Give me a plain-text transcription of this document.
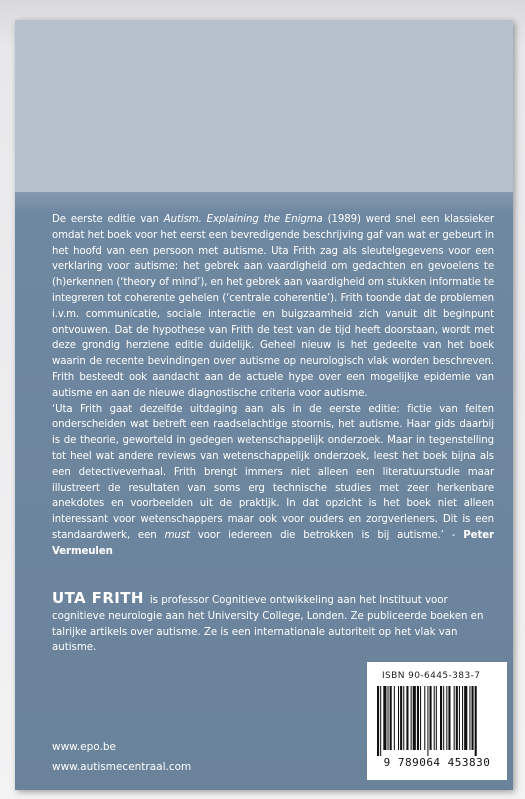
De eerste editie van Autism. Explaining the Enigma (1989) werd snel een klassieker omdat het boek voor het eerst een bevredigende beschrijving gaf van wat er gebeurt in het hoofd van een persoon met autisme. Uta Frith zag als sleutelgegevens voor een verklaring voor autisme: het gebrek aan vaardigheid om gedachten en gevoelens te (h)erkennen (‘theory of mind’), en het gebrek aan vaardigheid om stukken informatie te integreren tot coherente gehelen (‘centrale coherentie’). Frith toonde dat de problemen i.v.m. communicatie, sociale interactie en buigzaamheid zich vanuit dit beginpunt ontvouwen. Dat de hypothese van Frith de test van de tijd heeft doorstaan, wordt met deze grondig herziene editie duidelijk. Geheel nieuw is het gedeelte van het boek waarin de recente bevindingen over autisme op neurologisch vlak worden beschreven. Frith besteedt ook aandacht aan de actuele hype over een mogelijke epidemie van autisme en aan de nieuwe diagnostische criteria voor autisme.

‘Uta Frith gaat dezelfde uitdaging aan als in de eerste editie: fictie van feiten onderscheiden wat betreft een raadselachtige stoornis, het autisme. Haar gids daarbij is de theorie, geworteld in gedegen wetenschappelijk onderzoek. Maar in tegenstelling tot heel wat andere reviews van wetenschappelijk onderzoek, leest het boek bijna als een detectiveverhaal. Frith brengt immers niet alleen een literatuurstudie maar illustreert de resultaten van soms erg technische studies met zeer herkenbare anekdotes en voorbeelden uit de praktijk. In dat opzicht is het boek niet alleen interessant voor wetenschappers maar ook voor ouders en zorgverleners. Dit is een standaardwerk, een must voor iedereen die betrokken is bij autisme.’ - Peter Vermeulen

UTA FRITH is professor Cognitieve ontwikkeling aan het Instituut voor cognitieve neurologie aan het University College, Londen. Ze publiceerde boeken en talrijke artikels over autisme. Ze is een internationale autoriteit op het vlak van autisme.
www.epo.be
www.autismecentraal.com
ISBN 90-6445-383-7
9 789064 453830
